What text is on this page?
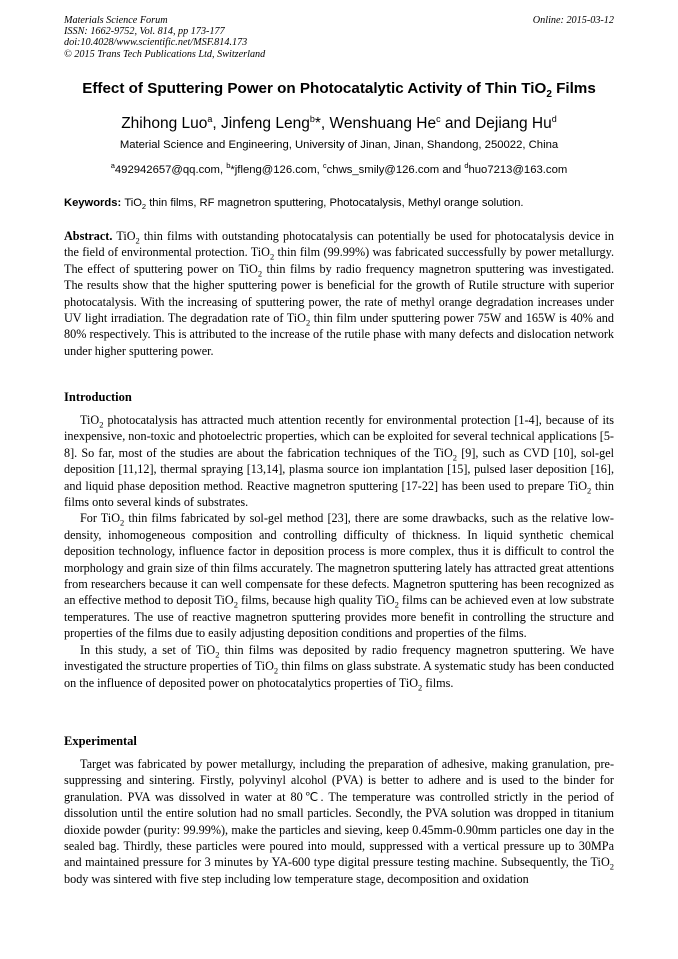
Materials Science Forum
ISSN: 1662-9752, Vol. 814, pp 173-177
doi:10.4028/www.scientific.net/MSF.814.173
© 2015 Trans Tech Publications Ltd, Switzerland
Online: 2015-03-12
Effect of Sputtering Power on Photocatalytic Activity of Thin TiO$_2$ Films
Zhihong Luo$^a$, Jinfeng Leng$^b$*, Wenshuang He$^c$ and Dejiang Hu$^d$
Material Science and Engineering, University of Jinan, Jinan, Shandong, 250022, China
$^a$492942657@qq.com, $^b$*jfleng@126.com, $^c$chws_smily@126.com and $^d$huo7213@163.com
Keywords: TiO$_2$ thin films, RF magnetron sputtering, Photocatalysis, Methyl orange solution.

Abstract. TiO$_2$ thin films with outstanding photocatalysis can potentially be used for photocatalysis device in the field of environmental protection. TiO$_2$ thin film (99.99%) was fabricated successfully by power metallurgy. The effect of sputtering power on TiO$_2$ thin films by radio frequency magnetron sputtering was investigated. The results show that the higher sputtering power is beneficial for the growth of Rutile structure with superior photocatalysis. With the increasing of sputtering power, the rate of methyl orange degradation increases under UV light irradiation. The degradation rate of TiO$_2$ thin film under sputtering power 75W and 165W is 40% and 80% respectively. This is attributed to the increase of the rutile phase with many defects and dislocation network under higher sputtering power.

Introduction

TiO$_2$ photocatalysis has attracted much attention recently for environmental protection [1-4], because of its inexpensive, non-toxic and photoelectric properties, which can be exploited for several technical applications [5-8]. So far, most of the studies are about the fabrication techniques of the TiO$_2$ [9], such as CVD [10], sol-gel deposition [11,12], thermal spraying [13,14], plasma source ion implantation [15], pulsed laser deposition [16], and liquid phase deposition method. Reactive magnetron sputtering [17-22] has been used to prepare TiO$_2$ thin films onto several kinds of substrates.

For TiO$_2$ thin films fabricated by sol-gel method [23], there are some drawbacks, such as the relative low-density, inhomogeneous composition and controlling difficulty of thickness. In liquid synthetic chemical deposition technology, influence factor in deposition process is more complex, thus it is difficult to control the morphology and grain size of thin films accurately. The magnetron sputtering lately has attracted great attentions from researchers because it can well compensate for these defects. Magnetron sputtering has been recognized as an effective method to deposit TiO$_2$ films, because high quality TiO$_2$ films can be achieved even at low substrate temperatures. The use of reactive magnetron sputtering provides more benefit in controlling the structure and properties of the films due to easily adjusting deposition conditions and properties of the films.

In this study, a set of TiO$_2$ thin films was deposited by radio frequency magnetron sputtering. We have investigated the structure properties of TiO$_2$ thin films on glass substrate. A systematic study has been conducted on the influence of deposited power on photocatalytics properties of TiO$_2$ films.

Experimental

Target was fabricated by power metallurgy, including the preparation of adhesive, making granulation, pre-suppressing and sintering. Firstly, polyvinyl alcohol (PVA) is better to adhere and is used to the binder for granulation. PVA was dissolved in water at 80℃. The temperature was controlled strictly in the period of dissolution until the entire solution had no small particles. Secondly, the PVA solution was dropped in titanium dioxide powder (purity: 99.99%), make the particles and sieving, keep 0.45mm-0.90mm particles one day in the sealed bag. Thirdly, these particles were poured into mould, suppressed with a vertical pressure up to 30MPa and maintained pressure for 3 minutes by YA-600 type digital pressure testing machine. Subsequently, the TiO$_2$ body was sintered with five step including low temperature stage, decomposition and oxidation
